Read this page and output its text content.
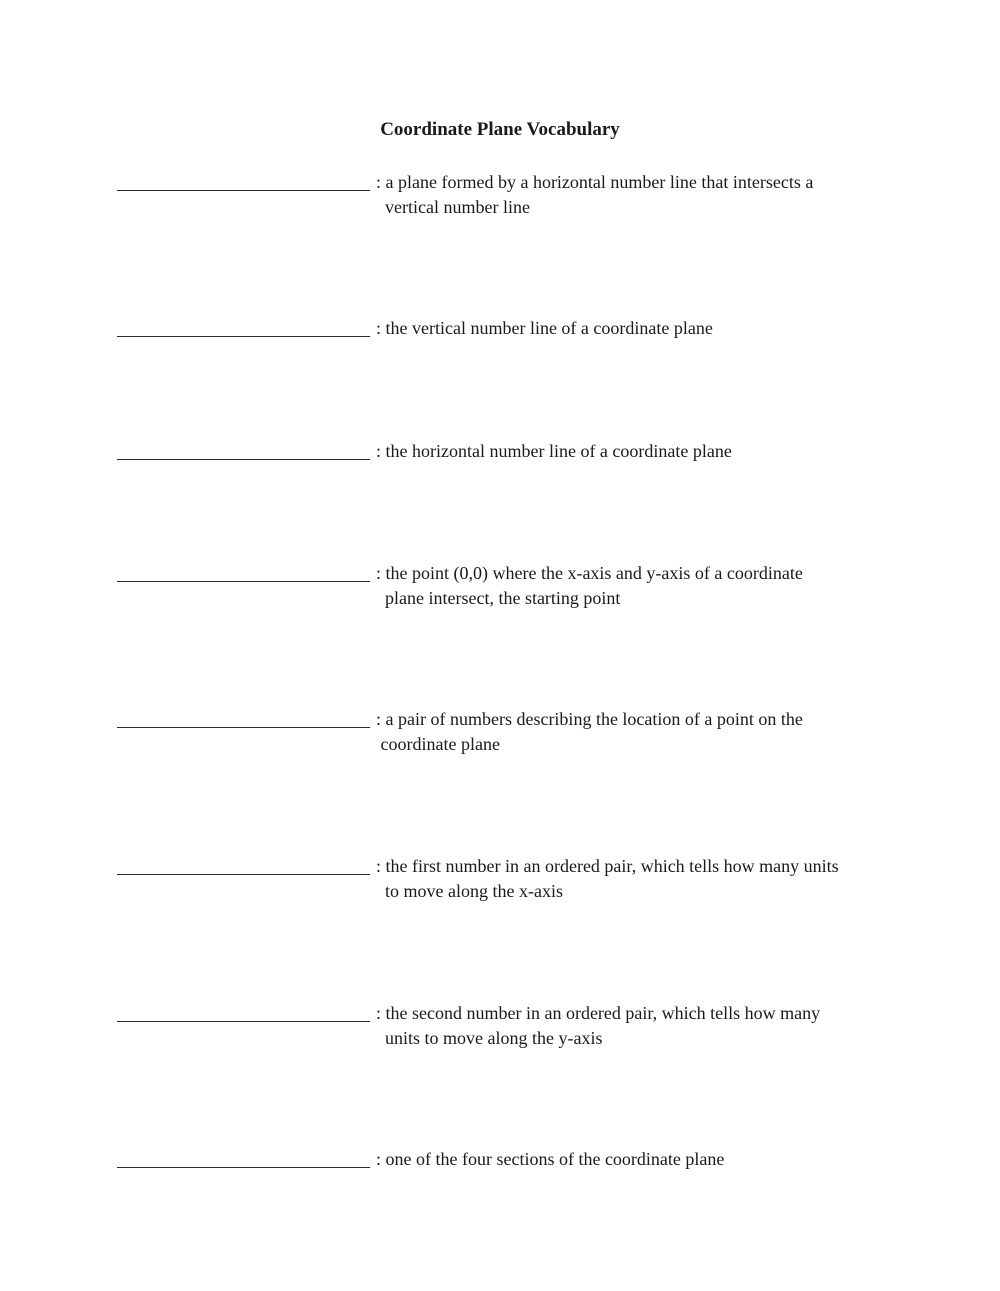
Coordinate Plane Vocabulary
: a plane formed by a horizontal number line that intersects a
vertical number line
: the vertical number line of a coordinate plane
: the horizontal number line of a coordinate plane
: the point (0,0) where the x-axis and y-axis of a coordinate
plane intersect, the starting point
: a pair of numbers describing the location of a point on the
coordinate plane
: the first number in an ordered pair, which tells how many units
to move along the x-axis
: the second number in an ordered pair, which tells how many
units to move along the y-axis
: one of the four sections of the coordinate plane
